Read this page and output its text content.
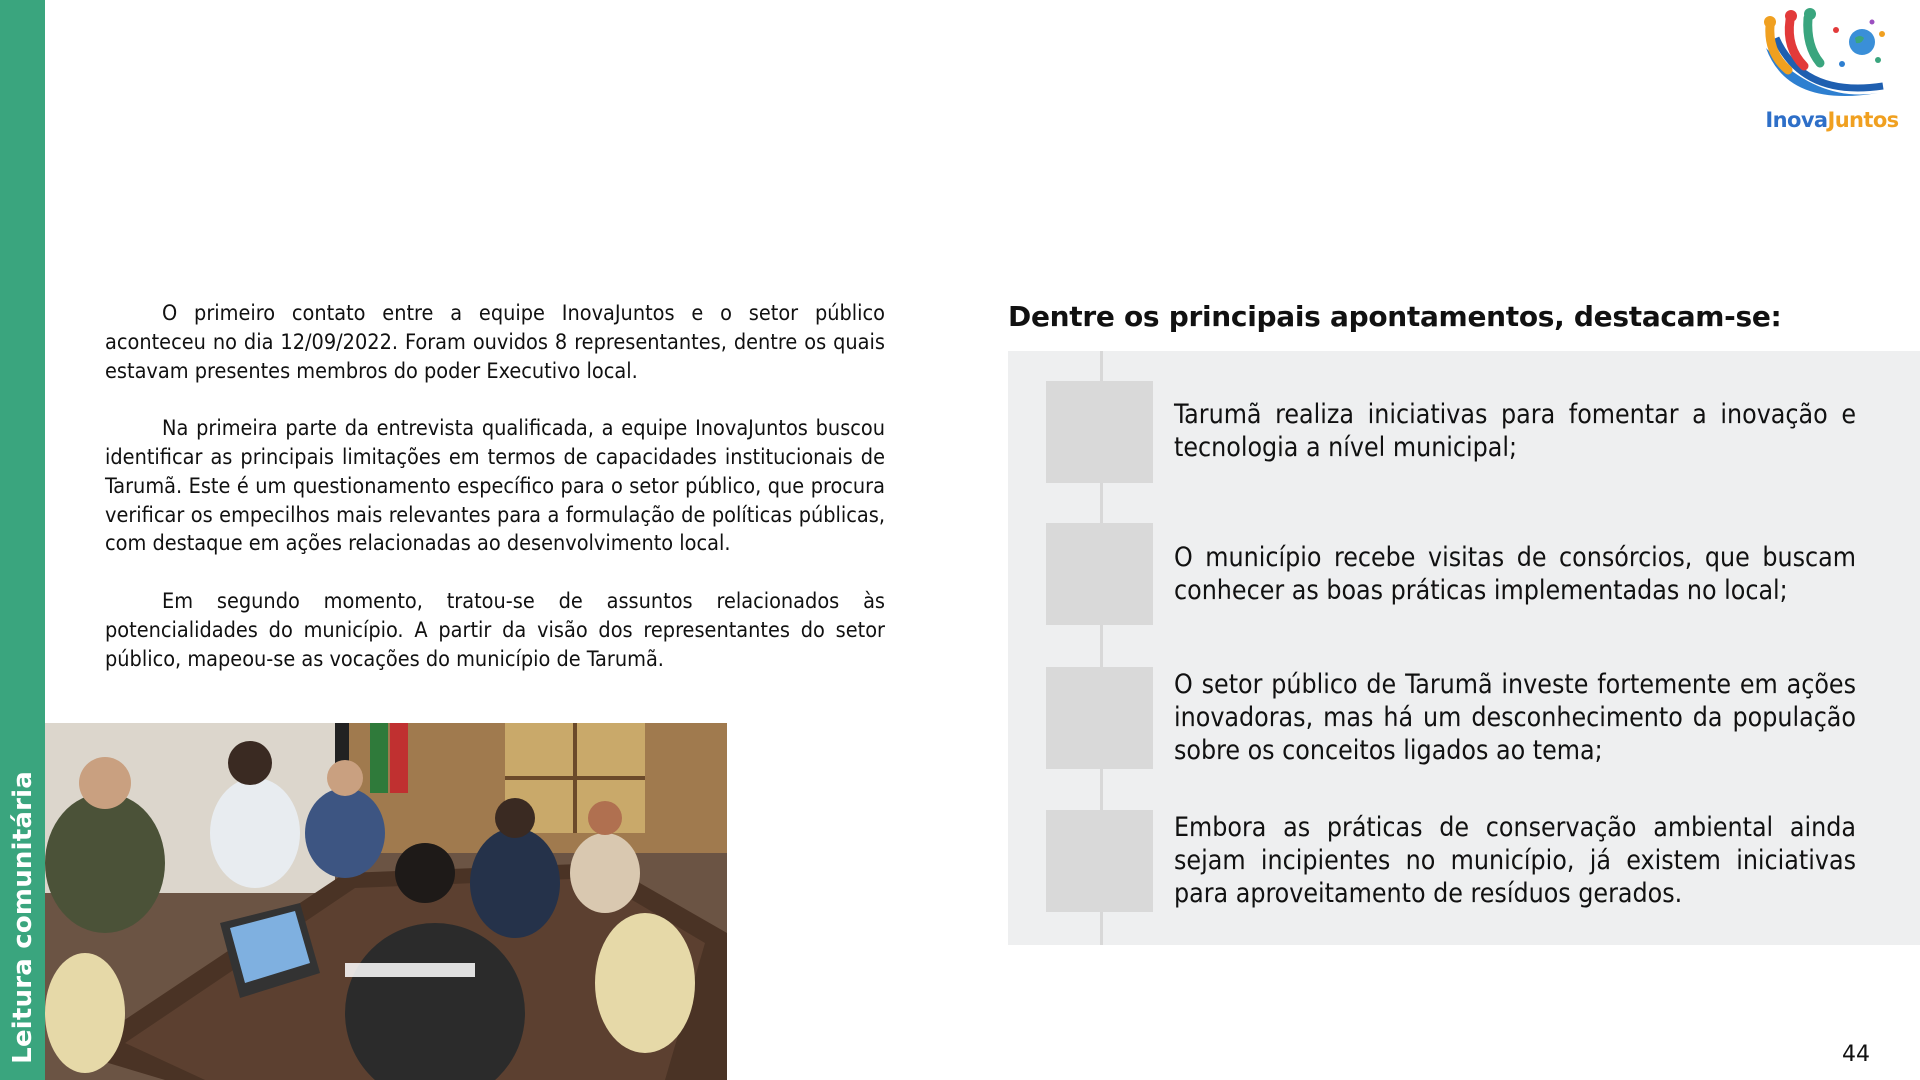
Leitura comunitária
InovaJuntos

O primeiro contato entre a equipe InovaJuntos e o setor público aconteceu no dia 12/09/2022. Foram ouvidos 8 representantes, dentre os quais estavam presentes membros do poder Executivo local.

Na primeira parte da entrevista qualificada, a equipe InovaJuntos buscou identificar as principais limitações em termos de capacidades institucionais de Tarumã. Este é um questionamento específico para o setor público, que procura verificar os empecilhos mais relevantes para a formulação de políticas públicas, com destaque em ações relacionadas ao desenvolvimento local.

Em segundo momento, tratou-se de assuntos relacionados às potencialidades do município. A partir da visão dos representantes do setor público, mapeou-se as vocações do município de Tarumã.

Dentre os principais apontamentos, destacam-se:
Tarumã realiza iniciativas para fomentar a inovação e tecnologia a nível municipal;
O município recebe visitas de consórcios, que buscam conhecer as boas práticas implementadas no local;
O setor público de Tarumã investe fortemente em ações inovadoras, mas há um desconhecimento da população sobre os conceitos ligados ao tema;
Embora as práticas de conservação ambiental ainda sejam incipientes no município, já existem iniciativas para aproveitamento de resíduos gerados.
44
